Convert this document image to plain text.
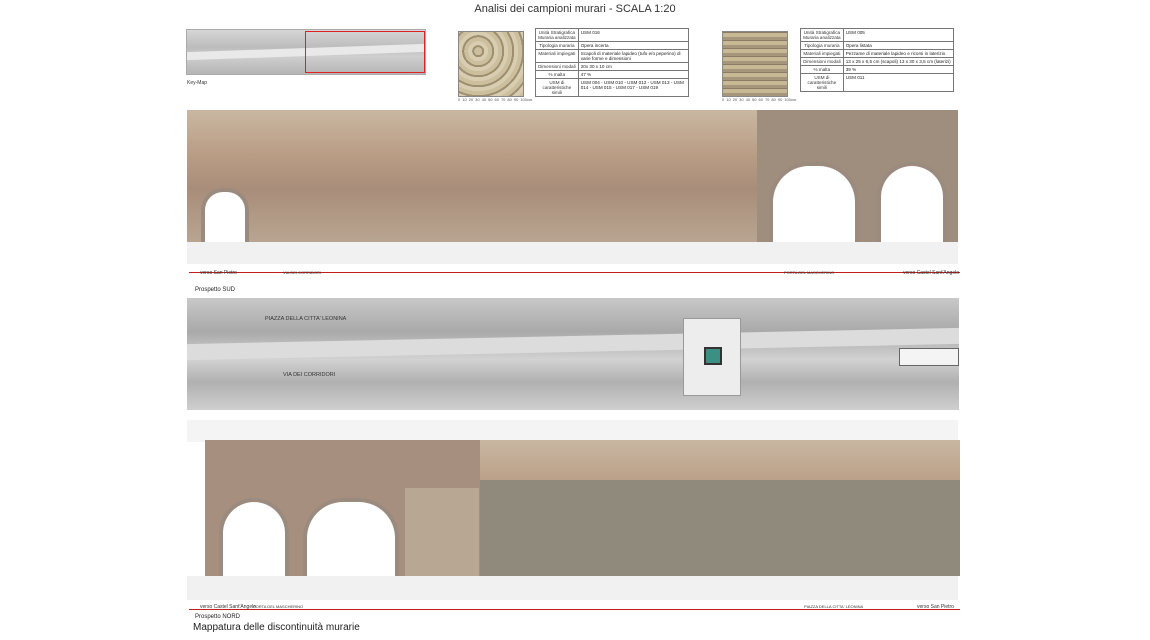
Analisi dei campioni murari - SCALA 1:20
Key-Map
0 10 20 30 40 50 60 70 80 90 100cm
Unità Stratigrafica Muraria analizzata	USM 016
Tipologia muraria	Opera incerta
Materiali impiegati	Scapoli di materiale lapideo (tufo e/o peperino) di varie forme e dimensioni
Dimensioni modali	20x 30 x 10 cm
% malta	47 %
USM di caratteristiche simili	USM 004 - USM 010 - USM 012 - USM 013 - USM 014 - USM 015 - USM 017 - USM 019
0 10 20 30 40 50 60 70 80 90 100cm
Unità Stratigrafica Muraria analizzata	USM 005
Tipologia muraria	Opera listata
Materiali impiegati	Pezzame di materiale lapideo e ricorsi in laterizio
Dimensioni modali	13 x 25 x 6,5 cm (scapoli) 13 x 30 x 3,5 cm (laterizi)
% malta	39 %
USM di caratteristiche simili	USM 011
verso San Pietro	VIA DEI CORRIDORI	PORTA DEL MASCHERINO	verso Castel Sant'Angelo
Prospetto SUD
PIAZZA DELLA CITTA' LEONINA
VIA DEI CORRIDORI
verso Castel Sant'Angelo
PORTA DEL MASCHERINO	PIAZZA DELLA CITTA' LEONINA	verso San Pietro
Prospetto NORD
Mappatura delle discontinuità murarie
